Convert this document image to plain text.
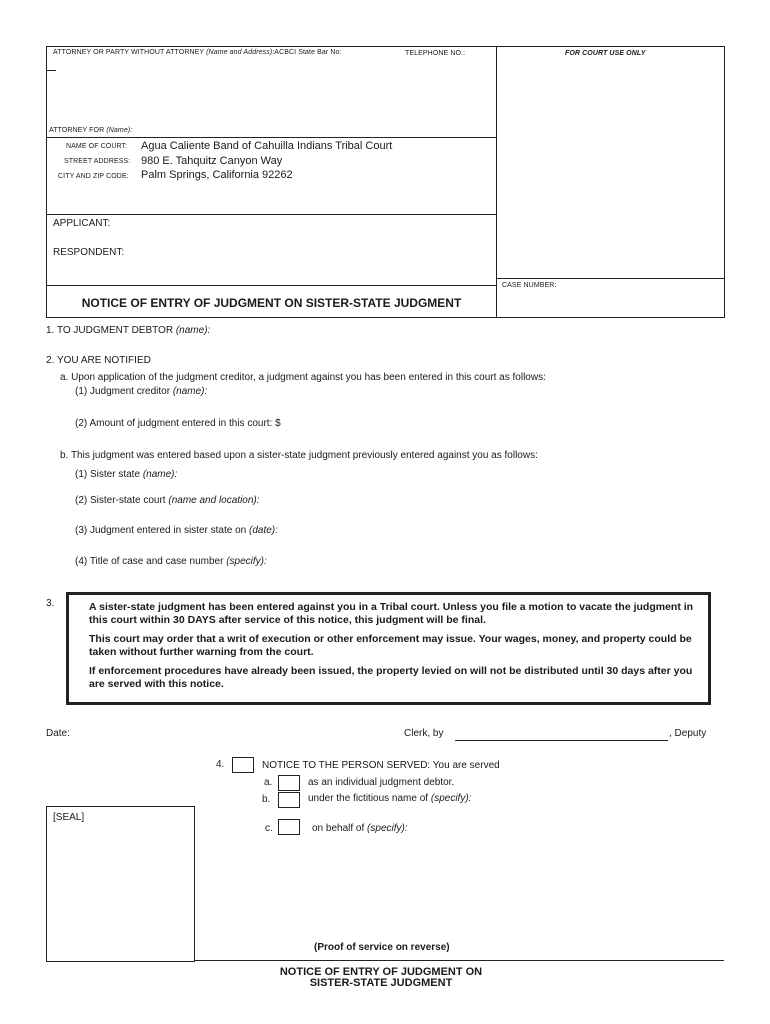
ATTORNEY OR PARTY WITHOUT ATTORNEY (Name and Address):ACBCI State Bar No:	TELEPHONE NO.:	FOR COURT USE ONLY
ATTORNEY FOR (Name):
NAME OF COURT: Agua Caliente Band of Cahuilla Indians Tribal Court
STREET ADDRESS: 980 E. Tahquitz Canyon Way
CITY AND ZIP CODE: Palm Springs, California 92262
APPLICANT:
RESPONDENT:
CASE NUMBER:
NOTICE OF ENTRY OF JUDGMENT ON SISTER-STATE JUDGMENT
1. TO JUDGMENT DEBTOR (name):
2. YOU ARE NOTIFIED
a. Upon application of the judgment creditor, a judgment against you has been entered in this court as follows:
(1) Judgment creditor (name):
(2) Amount of judgment entered in this court: $
b. This judgment was entered based upon a sister-state judgment previously entered against you as follows:
(1) Sister state (name):
(2) Sister-state court (name and location):
(3) Judgment entered in sister state on (date):
(4) Title of case and case number (specify):
3.	A sister-state judgment has been entered against you in a Tribal court. Unless you file a motion to vacate the judgment in this court within 30 DAYS after service of this notice, this judgment will be final.
This court may order that a writ of execution or other enforcement may issue. Your wages, money, and property could be taken without further warning from the court.
If enforcement procedures have already been issued, the property levied on will not be distributed until 30 days after you are served with this notice.
Date:	Clerk, by	, Deputy
4.	NOTICE TO THE PERSON SERVED: You are served
a.	as an individual judgment debtor.
b.	under the fictitious name of (specify):
c.	on behalf of (specify):
[SEAL]
(Proof of service on reverse)
NOTICE OF ENTRY OF JUDGMENT ON
SISTER-STATE JUDGMENT
